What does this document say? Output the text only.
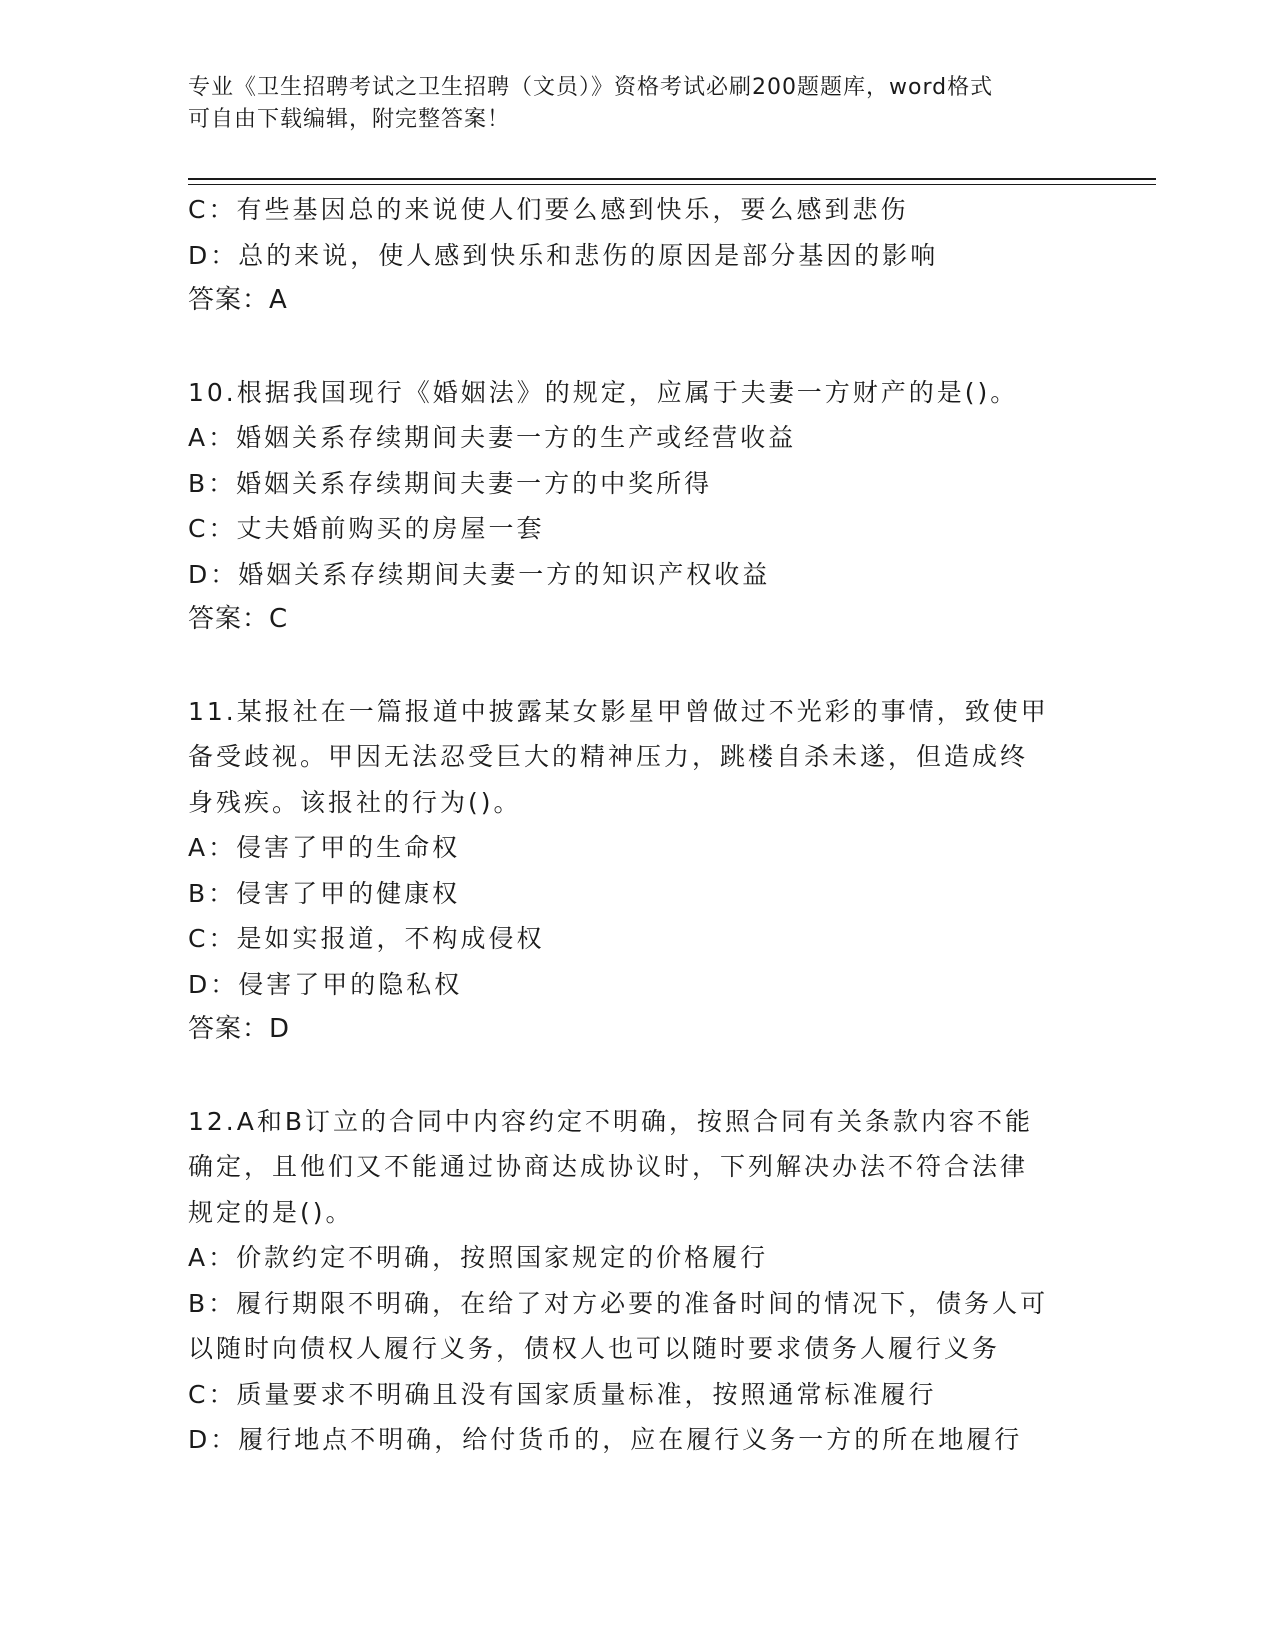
专业《卫生招聘考试之卫生招聘（文员）》资格考试必刷200题题库，word格式
可自由下载编辑，附完整答案！
C：有些基因总的来说使人们要么感到快乐，要么感到悲伤
D：总的来说，使人感到快乐和悲伤的原因是部分基因的影响
答案：A
10.根据我国现行《婚姻法》的规定，应属于夫妻一方财产的是()。
A：婚姻关系存续期间夫妻一方的生产或经营收益
B：婚姻关系存续期间夫妻一方的中奖所得
C：丈夫婚前购买的房屋一套
D：婚姻关系存续期间夫妻一方的知识产权收益
答案：C
11.某报社在一篇报道中披露某女影星甲曾做过不光彩的事情，致使甲
备受歧视。甲因无法忍受巨大的精神压力，跳楼自杀未遂，但造成终
身残疾。该报社的行为()。
A：侵害了甲的生命权
B：侵害了甲的健康权
C：是如实报道，不构成侵权
D：侵害了甲的隐私权
答案：D
12.A和B订立的合同中内容约定不明确，按照合同有关条款内容不能
确定，且他们又不能通过协商达成协议时，下列解决办法不符合法律
规定的是()。
A：价款约定不明确，按照国家规定的价格履行
B：履行期限不明确，在给了对方必要的准备时间的情况下，债务人可
以随时向债权人履行义务，债权人也可以随时要求债务人履行义务
C：质量要求不明确且没有国家质量标准，按照通常标准履行
D：履行地点不明确，给付货币的，应在履行义务一方的所在地履行
